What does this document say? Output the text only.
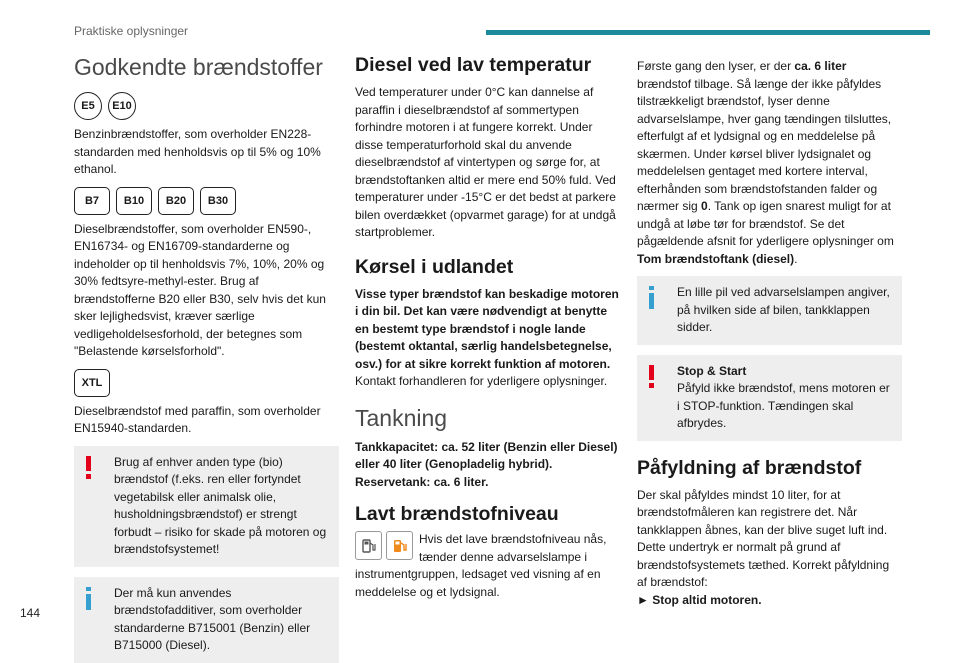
Praktiske oplysninger
Godkendte brændstoffer
E5	E10

Benzinbrændstoffer, som overholder EN228-standarden med henholdsvis op til 5% og 10% ethanol.

B7	B10	B20	B30

Dieselbrændstoffer, som overholder EN590-, EN16734- og EN16709-standarderne og indeholder op til henholdsvis 7%, 10%, 20% og 30% fedtsyre-methyl-ester. Brug af brændstofferne B20 eller B30, selv hvis det kun sker lejlighedsvist, kræver særlige vedligeholdelsesforhold, der betegnes som "Belastende kørselsforhold".

XTL

Dieselbrændstof med paraffin, som overholder EN15940-standarden.

Brug af enhver anden type (bio) brændstof (f.eks. ren eller fortyndet vegetabilsk eller animalsk olie, husholdningsbrændstof) er strengt forbudt – risiko for skade på motoren og brændstofsystemet!

Der må kun anvendes brændstofadditiver, som overholder standarderne B715001 (Benzin) eller B715000 (Diesel).

Diesel ved lav temperatur

Ved temperaturer under 0°C kan dannelse af paraffin i dieselbrændstof af sommertypen forhindre motoren i at fungere korrekt. Under disse temperaturforhold skal du anvende dieselbrændstof af vintertypen og sørge for, at brændstoftanken altid er mere end 50% fuld. Ved temperaturer under -15°C er det bedst at parkere bilen overdækket (opvarmet garage) for at undgå startproblemer.

Kørsel i udlandet

Visse typer brændstof kan beskadige motoren i din bil. Det kan være nødvendigt at benytte en bestemt type brændstof i nogle lande (bestemt oktantal, særlig handelsbetegnelse, osv.) for at sikre korrekt funktion af motoren.

Kontakt forhandleren for yderligere oplysninger.

Tankning

Tankkapacitet: ca. 52 liter (Benzin eller Diesel) eller 40 liter (Genopladelig hybrid). Reservetank: ca. 6 liter.

Lavt brændstofniveau

Hvis det lave brændstofniveau nås, tænder denne advarselslampe i instrumentgruppen, ledsaget ved visning af en meddelelse og et lydsignal.

Første gang den lyser, er der ca. 6 liter brændstof tilbage. Så længe der ikke påfyldes tilstrækkeligt brændstof, lyser denne advarselslampe, hver gang tændingen tilsluttes, efterfulgt af et lydsignal og en meddelelse på skærmen. Under kørsel bliver lydsignalet og meddelelsen gentaget med kortere interval, efterhånden som brændstofstanden falder og nærmer sig 0. Tank op igen snarest muligt for at undgå at løbe tør for brændstof. Se det pågældende afsnit for yderligere oplysninger om Tom brændstoftank (diesel).

En lille pil ved advarselslampen angiver, på hvilken side af bilen, tankklappen sidder.

Stop & Start

Påfyld ikke brændstof, mens motoren er i STOP-funktion. Tændingen skal afbrydes.

Påfyldning af brændstof

Der skal påfyldes mindst 10 liter, for at brændstofmåleren kan registrere det. Når tankklappen åbnes, kan der blive suget luft ind. Dette undertryk er normalt på grund af brændstofsystemets tæthed. Korrekt påfyldning af brændstof:

► Stop altid motoren.

144
